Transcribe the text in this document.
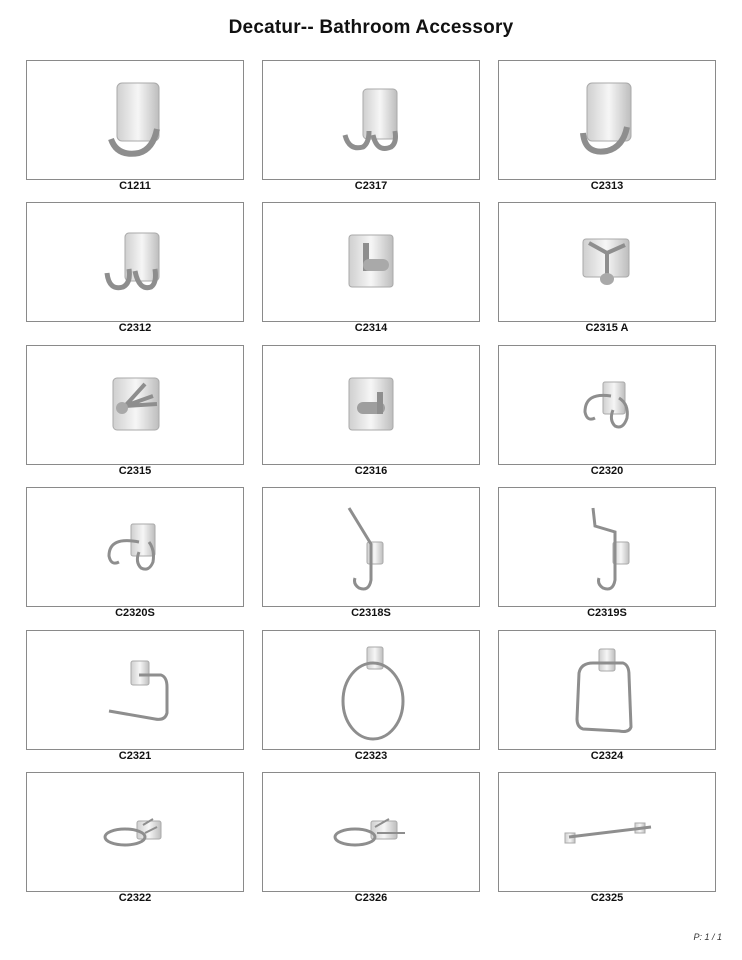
Decatur-- Bathroom Accessory
C1211	C2317	C2313
C2312	C2314	C2315 A
C2315	C2316	C2320
C2320S	C2318S	C2319S
C2321	C2323	C2324
C2322	C2326	C2325
P: 1 / 1
